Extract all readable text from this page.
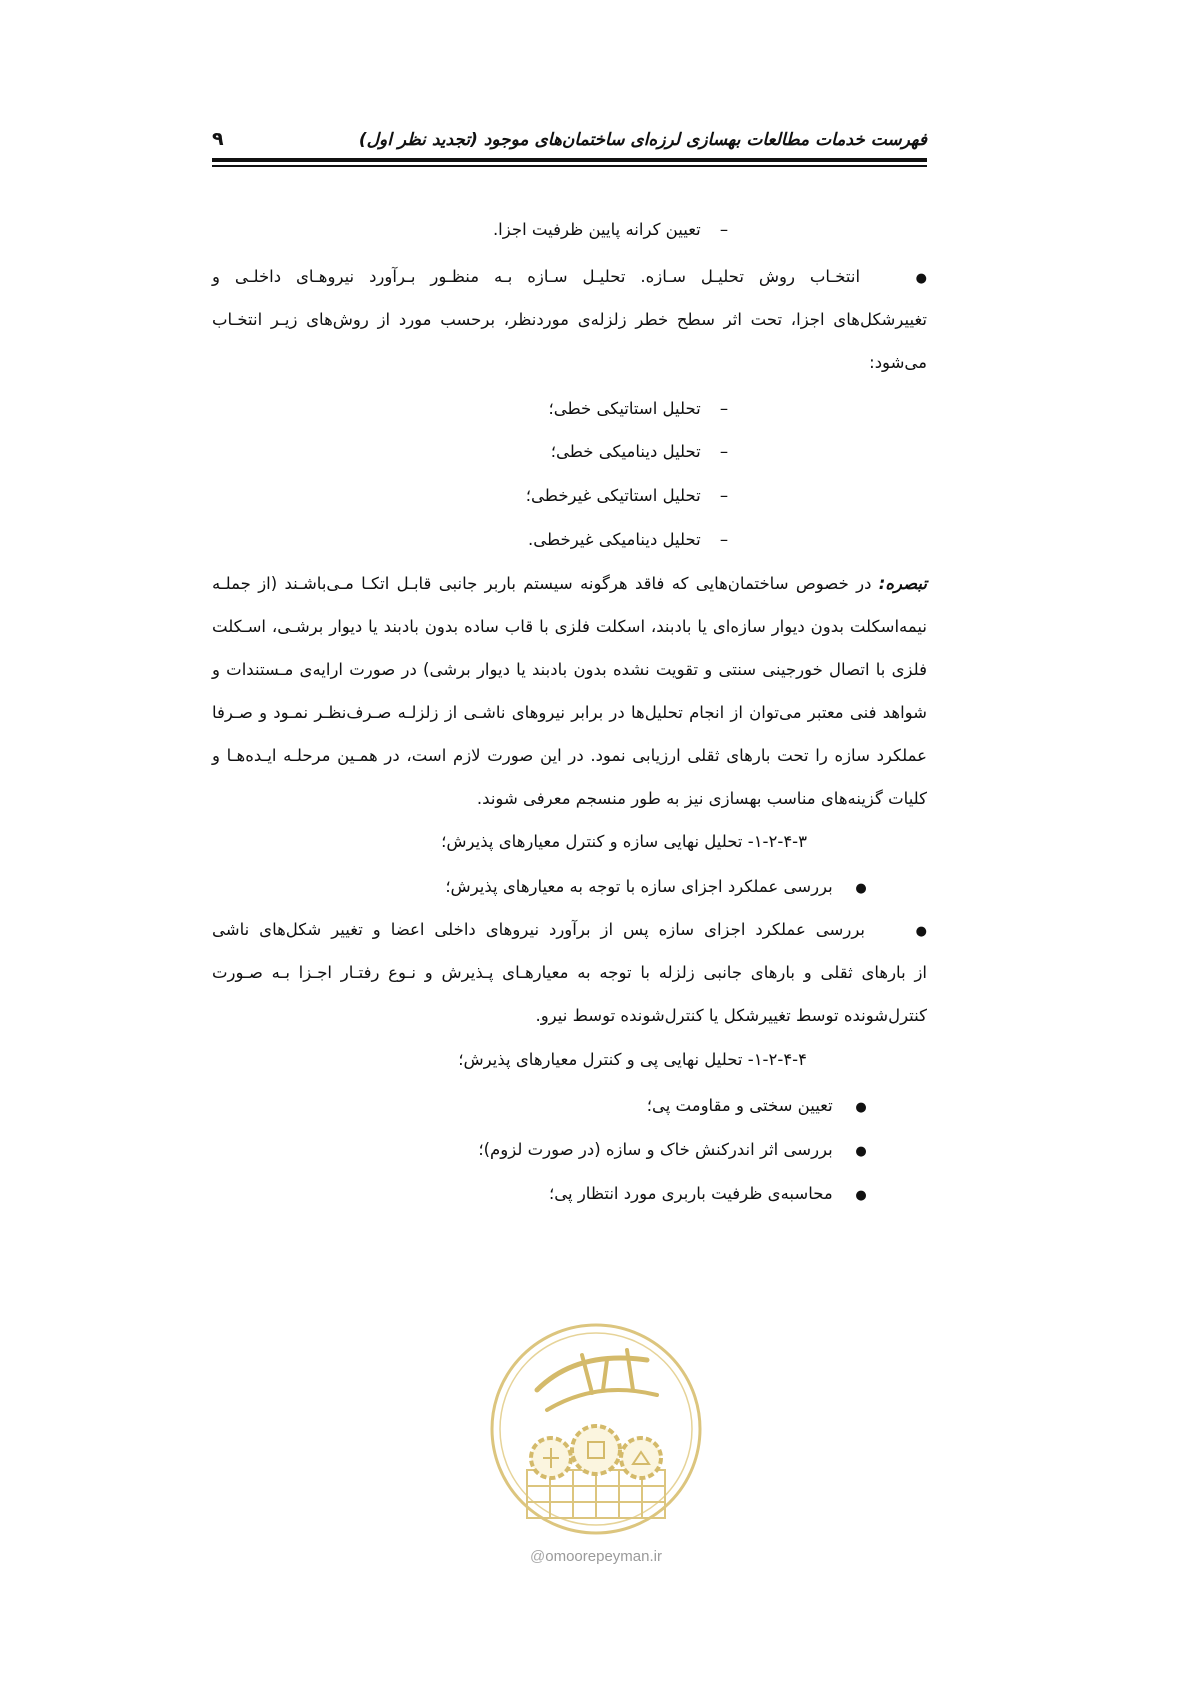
فهرست خدمات مطالعات بهسازی لرزه‌ای ساختمان‌های موجود (تجدید نظر اول)
۹
– تعیین کرانه پایین ظرفیت اجزا.
● انتخـاب روش تحلیـل سـازه. تحلیـل سـازه بـه منظـور بـرآورد نیروهـای داخلـی و
تغییرشکل‌های اجزا، تحت اثر سطح خطر زلزله‌ی موردنظر، برحسب مورد از روش‌های زیـر انتخـاب
می‌شود:
– تحلیل استاتیکی خطی؛
– تحلیل دینامیکی خطی؛
– تحلیل استاتیکی غیرخطی؛
– تحلیل دینامیکی غیرخطی.
تبصره: در خصوص ساختمان‌هایی که فاقد هرگونه سیستم باربر جانبی قابـل اتکـا مـی‌باشـند (از جملـه
نیمه‌اسکلت بدون دیوار سازه‌ای یا بادبند، اسکلت فلزی با قاب ساده بدون بادبند یا دیوار برشـی، اسـکلت
فلزی با اتصال خورجینی سنتی و تقویت نشده بدون بادبند یا دیوار برشی) در صورت ارایه‌ی مـستندات و
شواهد فنی معتبر می‌توان از انجام تحلیل‌ها در برابر نیروهای ناشـی از زلزلـه صـرف‌نظـر نمـود و صـرفا
عملکرد سازه را تحت بارهای ثقلی ارزیابی نمود. در این صورت لازم است، در همـین مرحلـه ایـده‌هـا و
کلیات گزینه‌های مناسب بهسازی نیز به طور منسجم معرفی شوند.
۱-۲-۴-۳- تحلیل نهایی سازه و کنترل معیارهای پذیرش؛
● بررسی عملکرد اجزای سازه با توجه به معیارهای پذیرش؛
● بررسی عملکرد اجزای سازه پس از برآورد نیروهای داخلی اعضا و تغییر شکل‌های ناشی
از بارهای ثقلی و بارهای جانبی زلزله با توجه به معیارهـای پـذیرش و نـوع رفتـار اجـزا بـه صـورت
کنترل‌شونده توسط تغییرشکل یا کنترل‌شونده توسط نیرو.
۱-۲-۴-۴- تحلیل نهایی پی و کنترل معیارهای پذیرش؛
● تعیین سختی و مقاومت پی؛
● بررسی اثر اندرکنش خاک و سازه (در صورت لزوم)؛
● محاسبه‌ی ظرفیت باربری مورد انتظار پی؛
@omoorepeyman.ir
